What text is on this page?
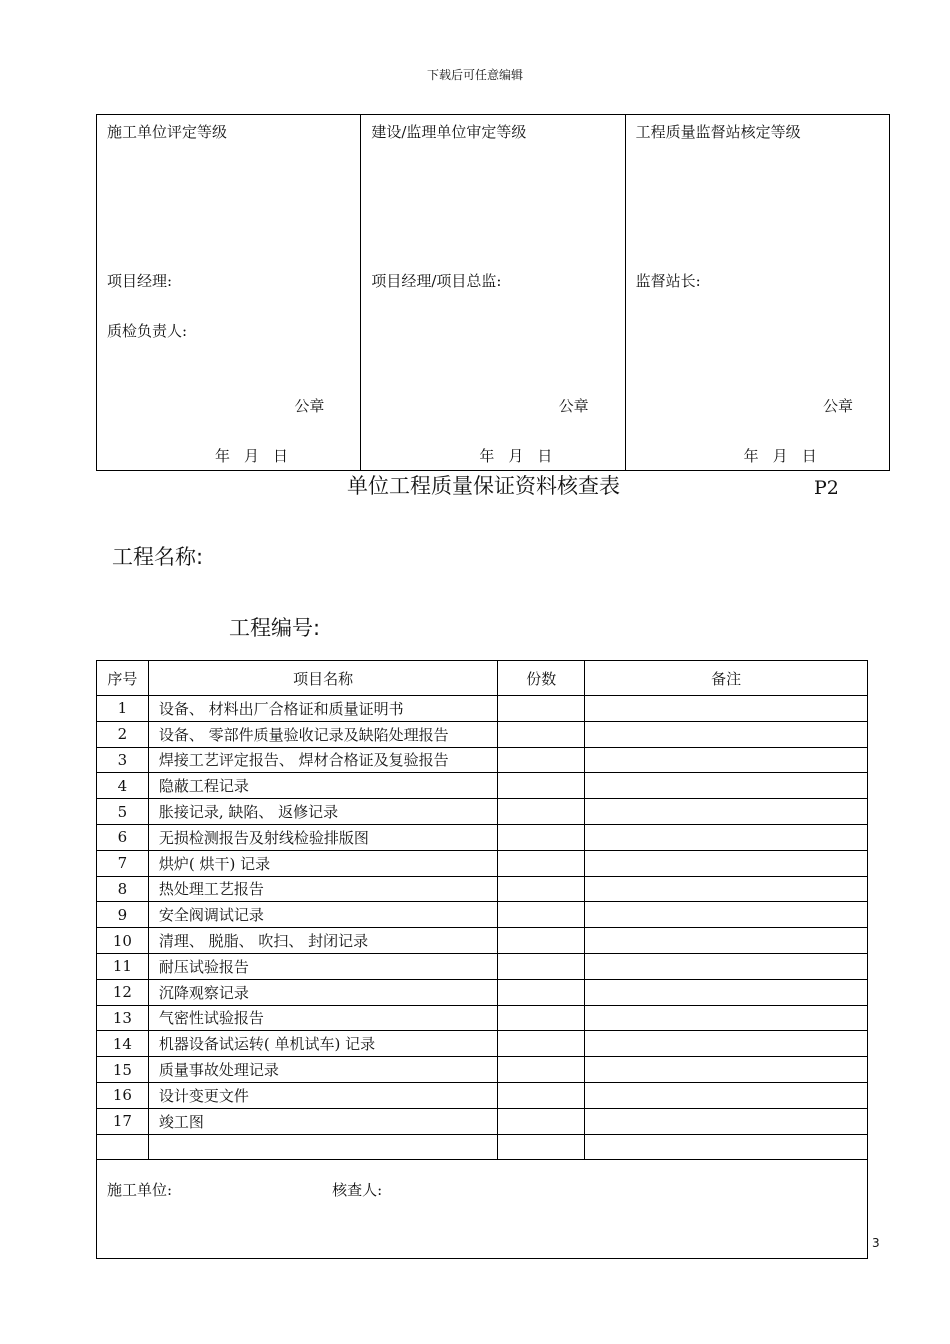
下载后可任意编辑
施工单位评定等级
项目经理:
质检负责人:
公章
年 月 日
建设/监理单位审定等级
项目经理/项目总监:
公章
年 月 日
工程质量监督站核定等级
监督站长:
公章
年 月 日
单位工程质量保证资料核查表	P2
工程名称:
工程编号:
序号	项目名称	份数	备注
1	设备、 材料出厂合格证和质量证明书		
2	设备、 零部件质量验收记录及缺陷处理报告		
3	焊接工艺评定报告、 焊材合格证及复验报告		
4	隐蔽工程记录		
5	胀接记录, 缺陷、 返修记录		
6	无损检测报告及射线检验排版图		
7	烘炉( 烘干) 记录		
8	热处理工艺报告		
9	安全阀调试记录		
10	清理、 脱脂、 吹扫、 封闭记录		
11	耐压试验报告		
12	沉降观察记录		
13	气密性试验报告		
14	机器设备试运转( 单机试车) 记录		
15	质量事故处理记录		
16	设计变更文件		
17	竣工图		

施工单位: 核查人:			
3
